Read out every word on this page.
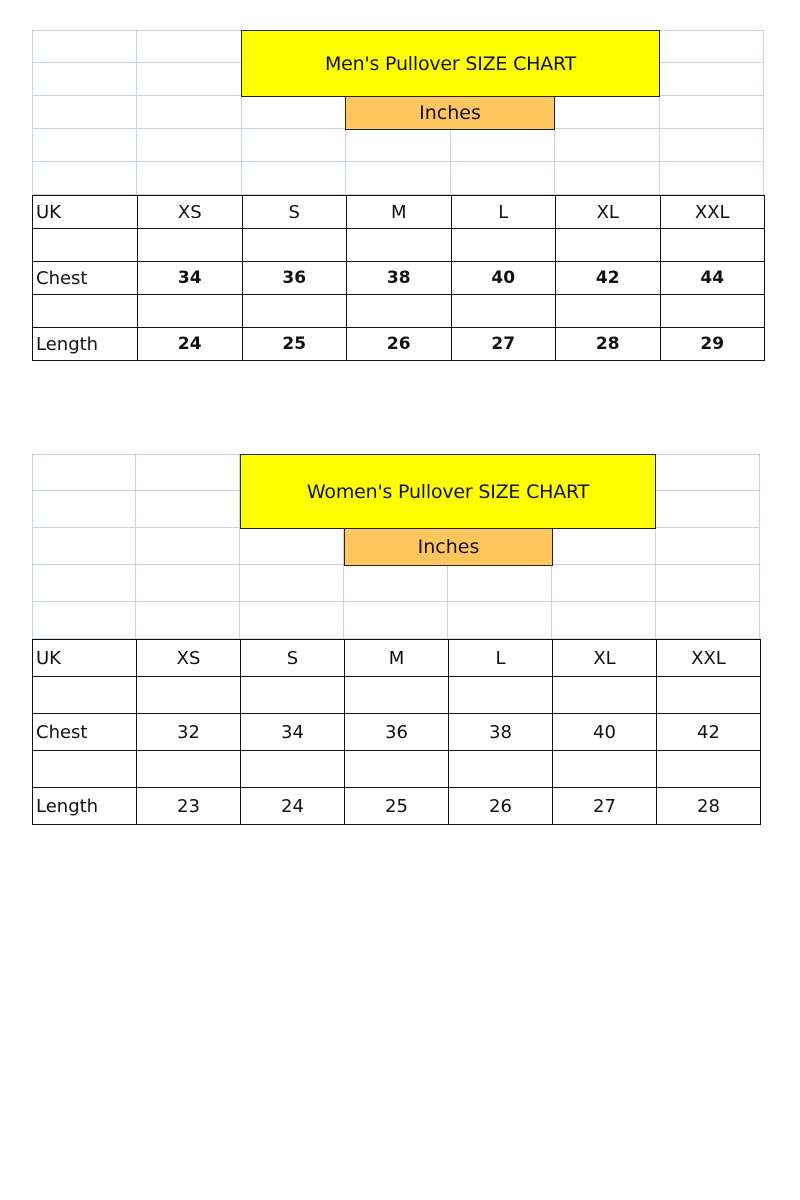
Men's Pullover SIZE CHART
Inches
UK	XS	S	M	L	XL	XXL

Chest	34	36	38	40	42	44

Length	24	25	26	27	28	29
Women's Pullover SIZE CHART
Inches
UK	XS	S	M	L	XL	XXL

Chest	32	34	36	38	40	42

Length	23	24	25	26	27	28
